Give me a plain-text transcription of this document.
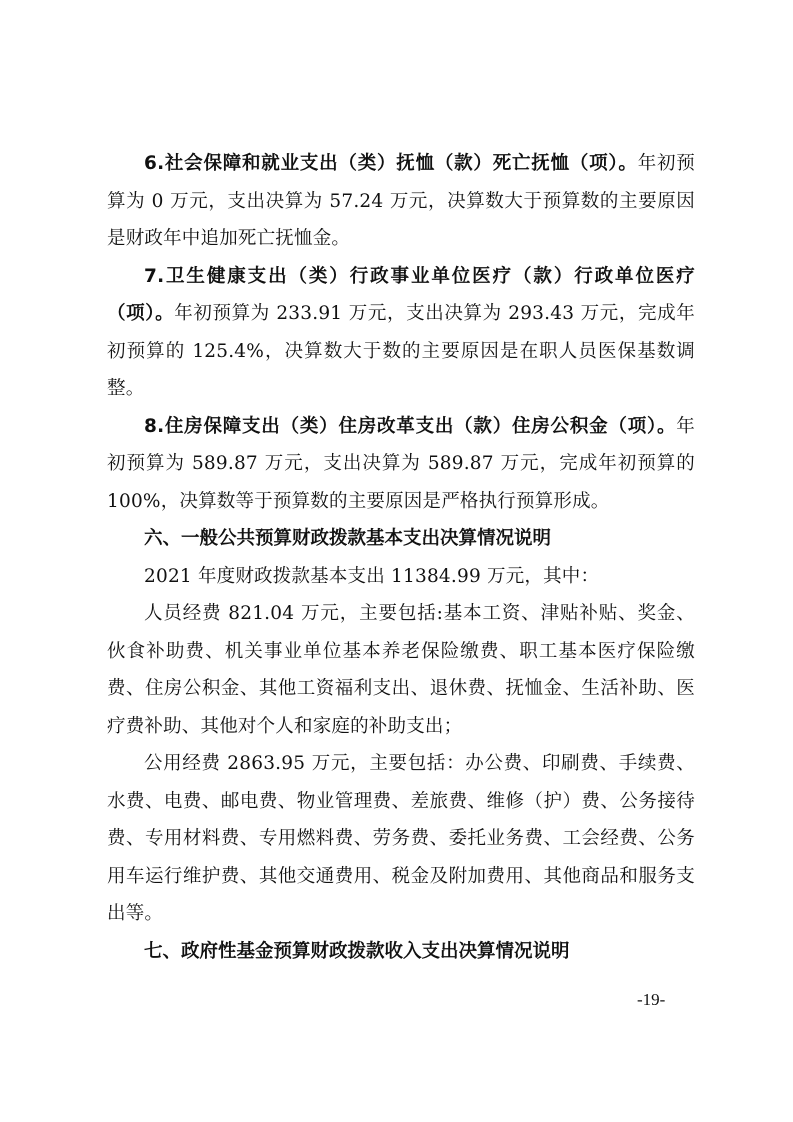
6.社会保障和就业支出（类）抚恤（款）死亡抚恤（项）。年初预算为 0 万元，支出决算为 57.24 万元，决算数大于预算数的主要原因是财政年中追加死亡抚恤金。

7.卫生健康支出（类）行政事业单位医疗（款）行政单位医疗（项）。年初预算为 233.91 万元，支出决算为 293.43 万元，完成年初预算的 125.4%，决算数大于数的主要原因是在职人员医保基数调整。

8.住房保障支出（类）住房改革支出（款）住房公积金（项）。年初预算为 589.87 万元，支出决算为 589.87 万元，完成年初预算的 100%，决算数等于预算数的主要原因是严格执行预算形成。

六、一般公共预算财政拨款基本支出决算情况说明

2021 年度财政拨款基本支出 11384.99 万元，其中：

人员经费 821.04 万元，主要包括:基本工资、津贴补贴、奖金、伙食补助费、机关事业单位基本养老保险缴费、职工基本医疗保险缴费、住房公积金、其他工资福利支出、退休费、抚恤金、生活补助、医疗费补助、其他对个人和家庭的补助支出；

公用经费 2863.95 万元，主要包括：办公费、印刷费、手续费、水费、电费、邮电费、物业管理费、差旅费、维修（护）费、公务接待费、专用材料费、专用燃料费、劳务费、委托业务费、工会经费、公务用车运行维护费、其他交通费用、税金及附加费用、其他商品和服务支出等。

七、政府性基金预算财政拨款收入支出决算情况说明

-19-
